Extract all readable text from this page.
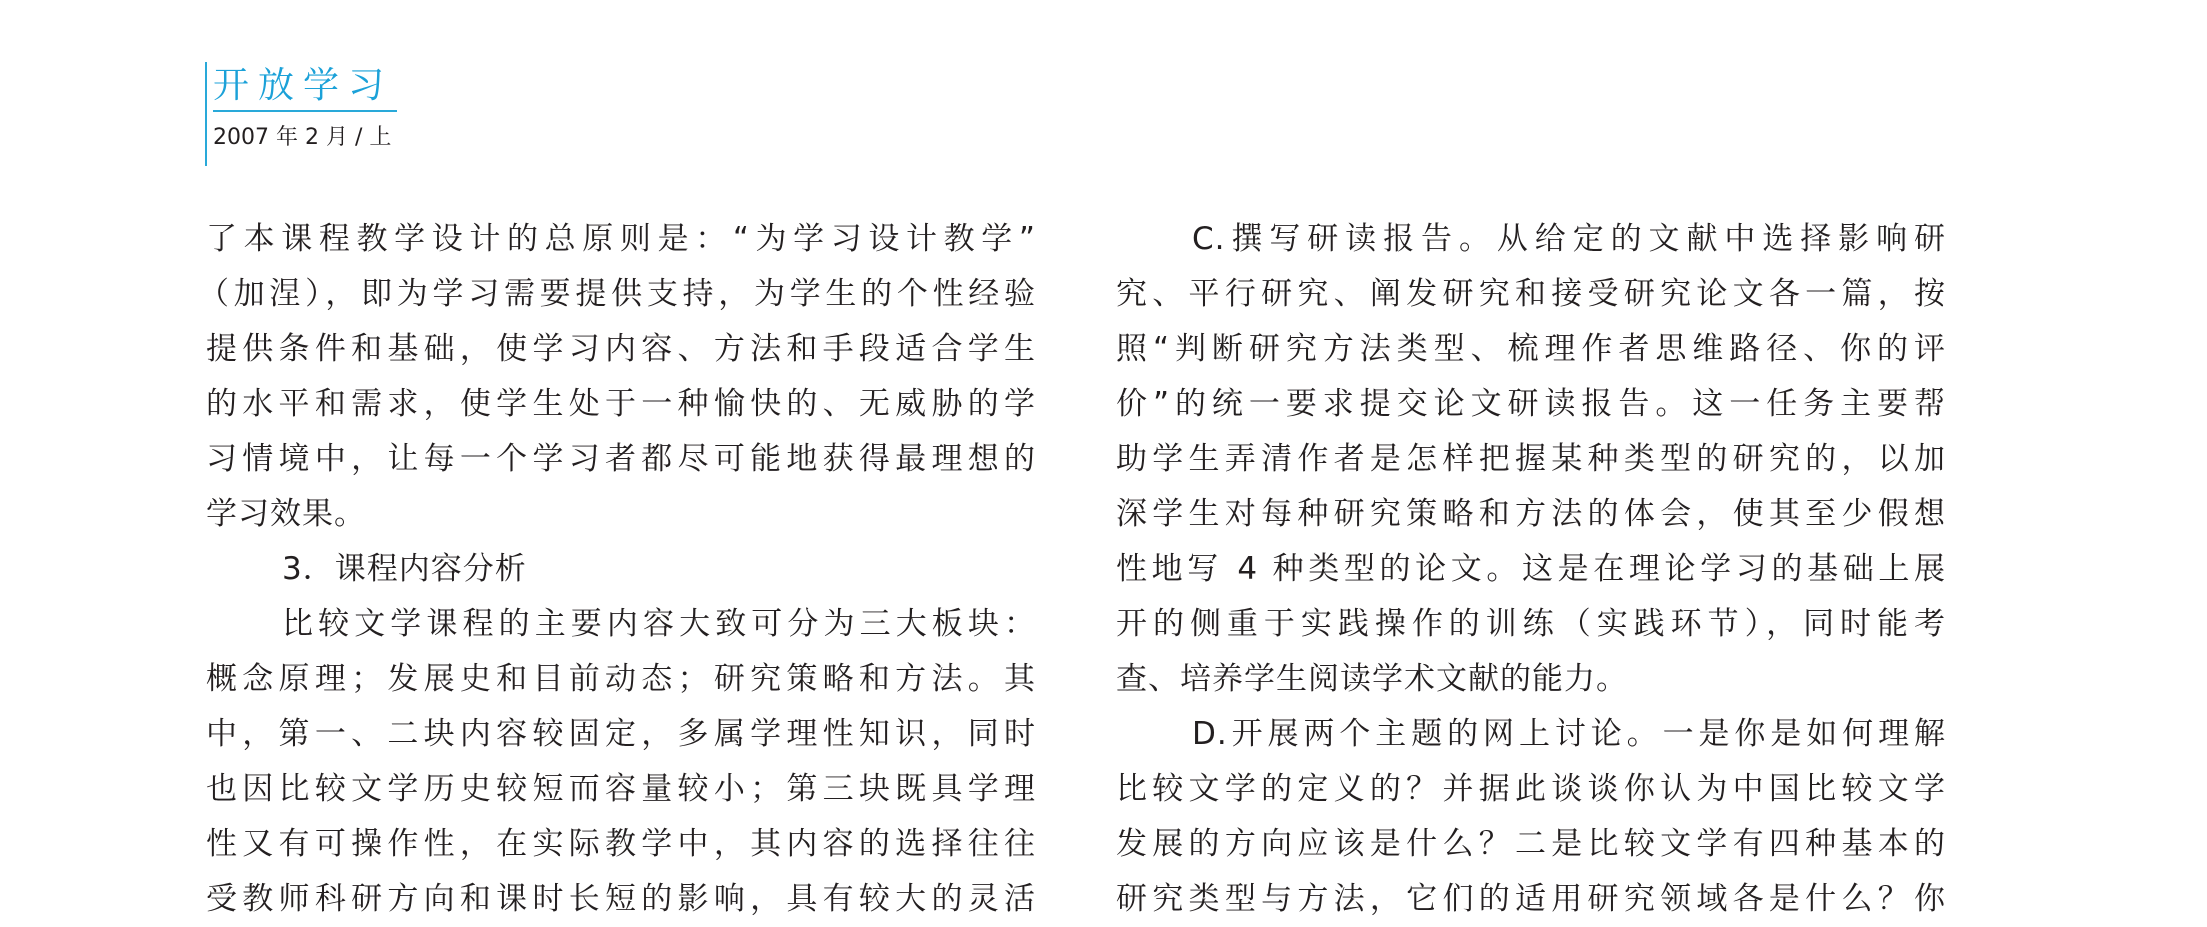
开放学习
2007 年 2 月 / 上
了本课程教学设计的总原则是：“为学习设计教学”
（加涅），即为学习需要提供支持，为学生的个性经验
提供条件和基础，使学习内容、方法和手段适合学生
的水平和需求，使学生处于一种愉快的、无威胁的学
习情境中，让每一个学习者都尽可能地获得最理想的
学习效果。
3．课程内容分析
比较文学课程的主要内容大致可分为三大板块：
概念原理；发展史和目前动态；研究策略和方法。其
中，第一、二块内容较固定，多属学理性知识，同时
也因比较文学历史较短而容量较小；第三块既具学理
性又有可操作性，在实际教学中，其内容的选择往往
受教师科研方向和课时长短的影响，具有较大的灵活
C.撰写研读报告。从给定的文献中选择影响研
究、平行研究、阐发研究和接受研究论文各一篇，按
照“判断研究方法类型、梳理作者思维路径、你的评
价”的统一要求提交论文研读报告。这一任务主要帮
助学生弄清作者是怎样把握某种类型的研究的，以加
深学生对每种研究策略和方法的体会，使其至少假想
性地写 4 种类型的论文。这是在理论学习的基础上展
开的侧重于实践操作的训练（实践环节），同时能考
查、培养学生阅读学术文献的能力。
D.开展两个主题的网上讨论。一是你是如何理解
比较文学的定义的？并据此谈谈你认为中国比较文学
发展的方向应该是什么？二是比较文学有四种基本的
研究类型与方法，它们的适用研究领域各是什么？你
